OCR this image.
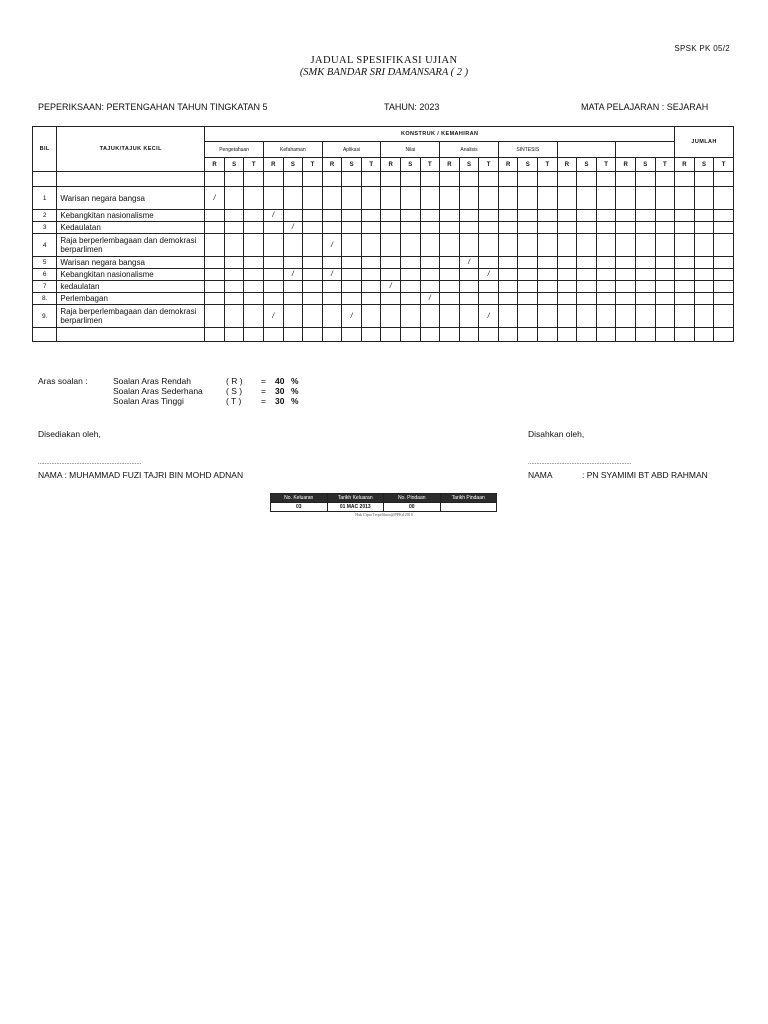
SPSK PK 05/2
JADUAL SPESIFIKASI UJIAN
(SMK BANDAR SRI DAMANSARA ( 2 )
PEPERIKSAAN: PERTENGAHAN TAHUN TINGKATAN 5	TAHUN: 2023	MATA PELAJARAN : SEJARAH
BIL	TAJUK/TAJUK KECIL	KONSTRUK / KEMAHIRAN																								JUMLAH		
		Pengetahuan			Kefahaman			Aplikasi			Nilai			Analisis			SINTESIS											
		R	S	T	R	S	T	R	S	T	R	S	T	R	S	T	R	S	T	R	S	T	R	S	T	R	S	T

1	Warisan negara bangsa	/																										
2	Kebangkitan nasionalisme				/																							
3	Kedaulatan					/																						
4	Raja berperlembagaan dan demokrasi berparlimen							/																				
5	Warisan negara bangsa														/													
6	Kebangkitan nasionalisme					/		/								/												
7	kedaulatan										/																	
8.	Perlembagan												/															
9.	Raja berperlembagaan dan demokrasi berparlimen				/				/							/												

Aras soalan :	Soalan Aras Rendah	( R ) = 40 %
Soalan Aras Sederhana	( S ) = 30 %
Soalan Aras Tinggi	( T ) = 30 %
Disediakan oleh,	Disahkan oleh,
..............................................................	..............................................................
NAMA : MUHAMMAD FUZI TAJRI BIN MOHD ADNAN	NAMA	: PN SYAMIMI BT ABD RAHMAN
No. Keluaran	Tarikh Keluaran	No. Pindaan	Tarikh Pindaan
03	01 MAC 2013	00	
Hak Cipta Terpelihara@PPKd.2010
